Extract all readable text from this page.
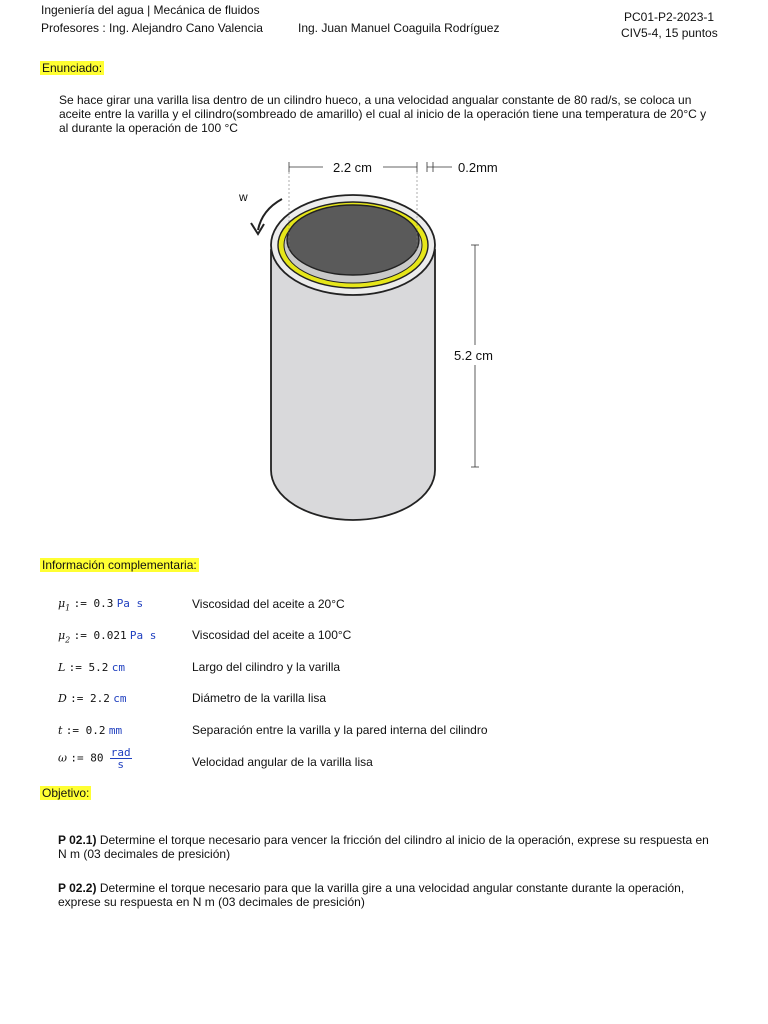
Ingeniería del agua | Mecánica de fluidos
Profesores : Ing. Alejandro Cano Valencia	Ing. Juan Manuel Coaguila Rodríguez
PC01-P2-2023-1
CIV5-4, 15 puntos
Enunciado:
Se hace girar una varilla lisa dentro de un cilindro hueco, a una velocidad angualar constante de 80 rad/s, se coloca un
aceite entre la varilla y el cilindro(sombreado de amarillo) el cual al inicio de la operación tiene una temperatura de 20°C y
al durante la operación de 100 °C
2.2 cm	0.2mm
5.2 cm
w
Información complementaria:
$\mu_1$ := 0.3 Pa s	Viscosidad del aceite a 20°C
$\mu_2$ := 0.021 Pa s	Viscosidad del aceite a 100°C
L := 5.2 cm	Largo del cilindro y la varilla
D := 2.2 cm	Diámetro de la varilla lisa
t := 0.2 mm	Separación entre la varilla y la pared interna del cilindro
ω := $80 \frac{\text{rad}}{s}$	Velocidad angular de la varilla lisa
Objetivo:
P 02.1) Determine el torque necesario para vencer la fricción del cilindro al inicio de la operación, exprese su respuesta en
N m (03 decimales de presición)
P 02.2) Determine el torque necesario para que la varilla gire a una velocidad angular constante durante la operación,
exprese su respuesta en N m (03 decimales de presición)
